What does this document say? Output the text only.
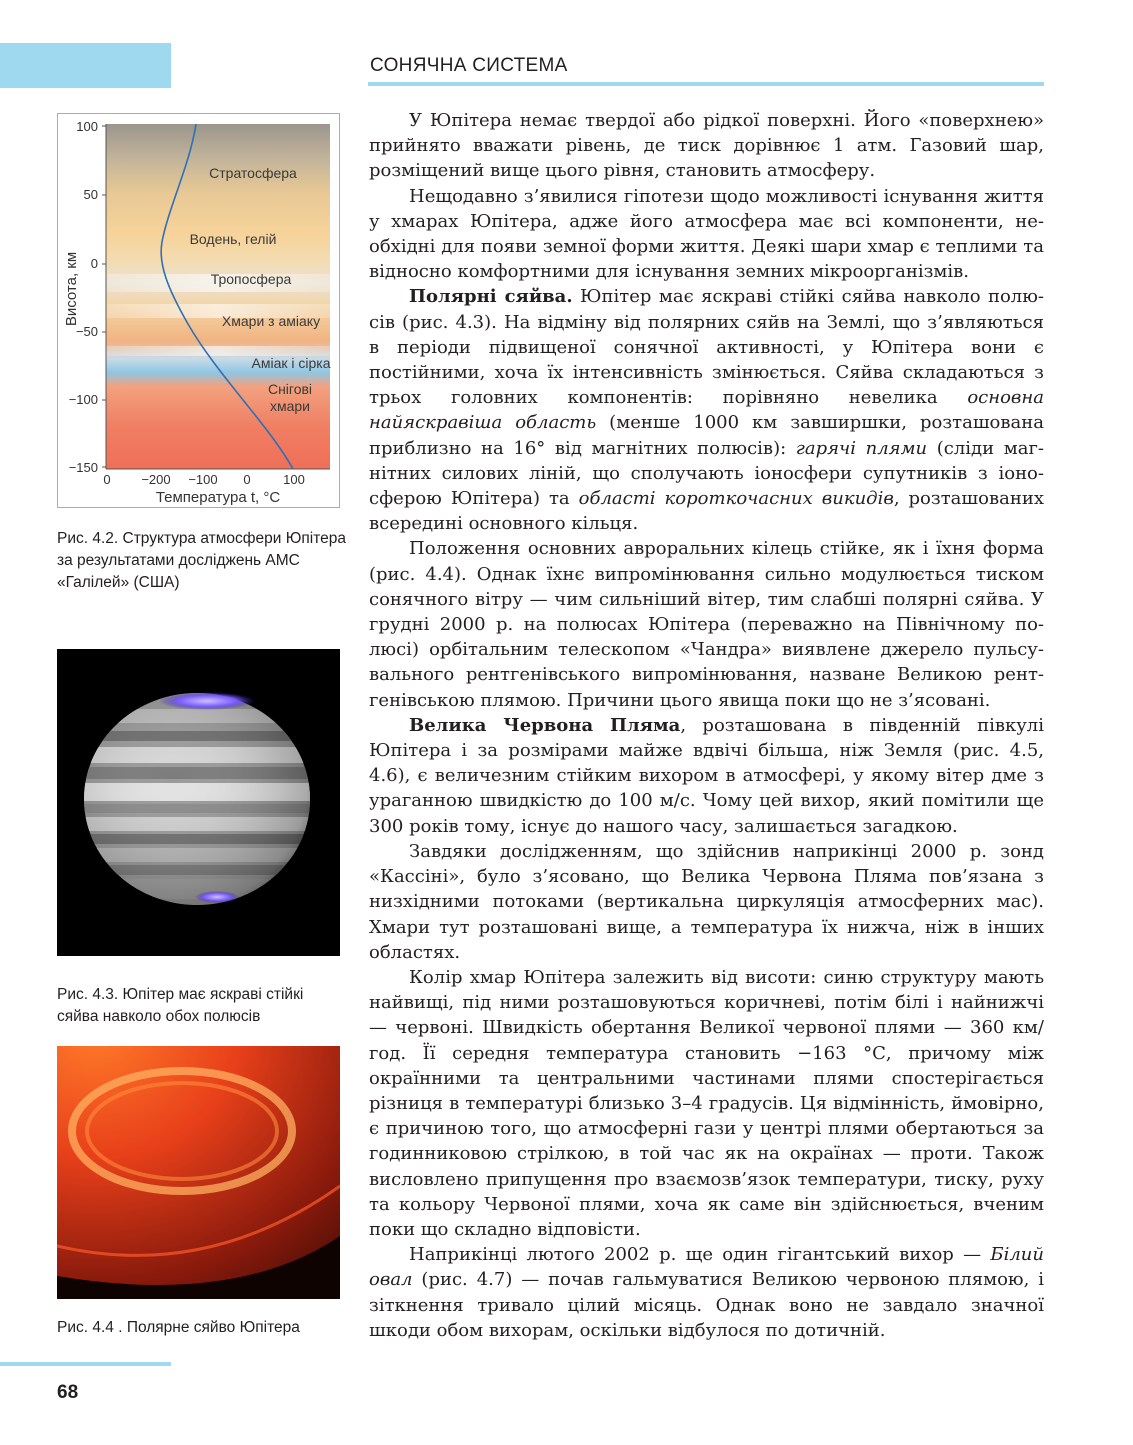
СОНЯЧНА СИСТЕМА
100
50
0
−50
−100
−150
0 −200 −100 0	100
Температура t, °C
Висота, км
Стратосфера
Водень, гелій
Тропосфера
Хмари з аміаку
Аміак і сірка
Снігові
хмари
Рис. 4.2. Структура атмосфери Юпітера за результатами досліджень АМС «Галілей» (США)
Рис. 4.3. Юпітер має яскраві стійкі сяйва навколо обох полюсів
Рис. 4.4 . Полярне сяйво Юпітера

У Юпітера немає твердої або рідкої поверхні. Його «поверхнею» прийнято вважати рівень, де тиск дорівнює 1 атм. Газовий шар, розміщений вище цього рівня, становить атмосферу.

Нещодавно з’явилися гіпотези щодо можливості існування життя у хмарах Юпітера, адже його атмосфера має всі компоненти, необхідні для появи земної форми життя. Деякі шари хмар є теплими та відносно комфортними для існування земних мікроорганізмів.

Полярні сяйва. Юпітер має яскраві стійкі сяйва навколо полюсів (рис. 4.3). На відміну від полярних сяйв на Землі, що з’являються в періоди підвищеної сонячної активності, у Юпітера вони є постійними, хоча їх інтенсивність змінюється. Сяйва складаються з трьох головних компонентів: порівняно невелика основна найяскравіша область (менше 1000 км завширшки, розташована приблизно на 16° від магнітних полюсів): гарячі плями (сліди магнітних силових ліній, що сполучають іоносфери супутників з іоносферою Юпітера) та області короткочасних викидів, розташованих всередині основного кільця.

Положення основних авроральних кілець стійке, як і їхня форма (рис. 4.4). Однак їхнє випромінювання сильно модулюється тиском сонячного вітру — чим сильніший вітер, тим слабші полярні сяйва. У грудні 2000 р. на полюсах Юпітера (переважно на Північному полюсі) орбітальним телескопом «Чандра» виявлене джерело пульсувального рентгенівського випромінювання, назване Великою рентгенівською плямою. Причини цього явища поки що не з’ясовані.

Велика Червона Пляма, розташована в південній півкулі Юпітера і за розмірами майже вдвічі більша, ніж Земля (рис. 4.5, 4.6), є величезним стійким вихором в атмосфері, у якому вітер дме з ураганною швидкістю до 100 м/с. Чому цей вихор, який помітили ще 300 років тому, існує до нашого часу, залишається загадкою.

Завдяки дослідженням, що здійснив наприкінці 2000 р. зонд «Кассіні», було з’ясовано, що Велика Червона Пляма пов’язана з низхідними потоками (вертикальна циркуляція атмосферних мас). Хмари тут розташовані вище, а температура їх нижча, ніж в інших областях.

Колір хмар Юпітера залежить від висоти: синю структуру мають найвищі, під ними розташовуються коричневі, потім білі і найнижчі — червоні. Швидкість обертання Великої червоної плями — 360 км/год. Її середня температура становить −163 °С, причому між окраїнними та центральними частинами плями спостерігається різниця в температурі близько 3–4 градусів. Ця відмінність, ймовірно, є причиною того, що атмосферні гази у центрі плями обертаються за годинниковою стрілкою, в той час як на окраїнах — проти. Також висловлено припущення про взаємозв’язок температури, тиску, руху та кольору Червоної плями, хоча як саме він здійснюється, вченим поки що складно відповісти.

Наприкінці лютого 2002 р. ще один гігантський вихор — Білий овал (рис. 4.7) — почав гальмуватися Великою червоною плямою, і зіткнення тривало цілий місяць. Однак воно не завдало значної шкоди обом вихорам, оскільки відбулося по дотичній.

68
